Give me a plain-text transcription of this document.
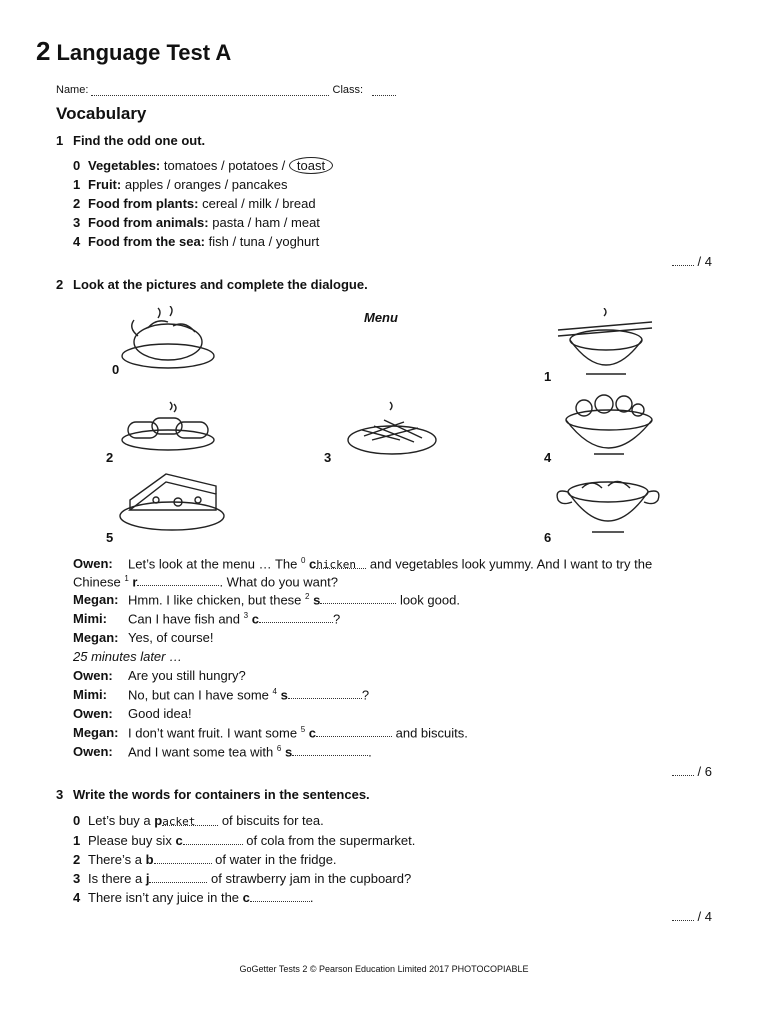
2 Language Test A
Name:	Class:
Vocabulary
1 Find the odd one out.
0 Vegetables: tomatoes / potatoes / toast
1 Fruit: apples / oranges / pancakes
2 Food from plants: cereal / milk / bread
3 Food from animals: pasta / ham / meat
4 Food from the sea: fish / tuna / yoghurt
/ 4
2 Look at the pictures and complete the dialogue.
Menu
0	1
2	3	4
5	6
Owen: Let’s look at the menu … The $^0$ chicken and vegetables look yummy. And I want to try the
Chinese $^1$ r	. What do you want?
Megan: Hmm. I like chicken, but these $^2$ s	look good.
Mimi: Can I have fish and $^3$ c	?
Megan: Yes, of course!
25 minutes later …
Owen: Are you still hungry?
Mimi: No, but can I have some $^4$ s	?
Owen: Good idea!
Megan: I don’t want fruit. I want some $^5$ c	and biscuits.
Owen: And I want some tea with $^6$ s	.
/ 6
3 Write the words for containers in the sentences.
0 Let’s buy a packet of biscuits for tea.
1 Please buy six c	of cola from the supermarket.
2 There’s a b	of water in the fridge.
3 Is there a j	of strawberry jam in the cupboard?
4 There isn’t any juice in the c	.
/ 4
GoGetter Tests 2 © Pearson Education Limited 2017 PHOTOCOPIABLE
